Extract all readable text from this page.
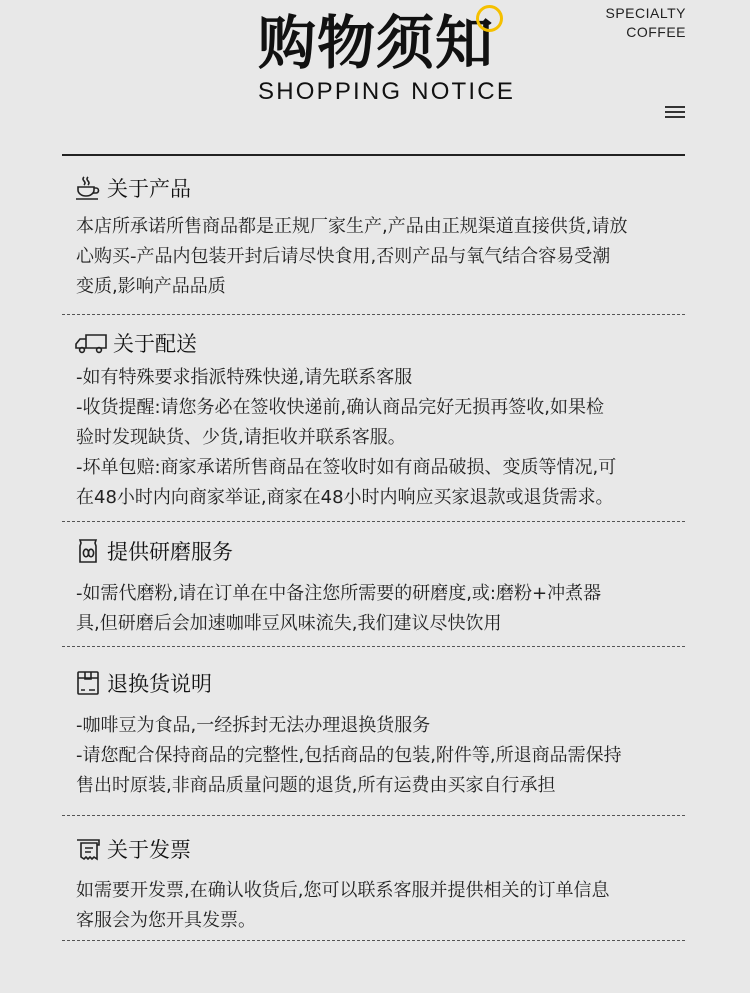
购物须知
SHOPPING NOTICE
SPECIALTY
COFFEE
关于产品

本店所承诺所售商品都是正规厂家生产,产品由正规渠道直接供货,请放

心购买-产品内包装开封后请尽快食用,否则产品与氧气结合容易受潮

变质,影响产品品质

关于配送

-如有特殊要求指派特殊快递,请先联系客服

-收货提醒:请您务必在签收快递前,确认商品完好无损再签收,如果检

验时发现缺货、少货,请拒收并联系客服。

-坏单包赔:商家承诺所售商品在签收时如有商品破损、变质等情况,可

在48小时内向商家举证,商家在48小时内响应买家退款或退货需求。

提供研磨服务

-如需代磨粉,请在订单在中备注您所需要的研磨度,或:磨粉+冲煮器

具,但研磨后会加速咖啡豆风味流失,我们建议尽快饮用

退换货说明

-咖啡豆为食品,一经拆封无法办理退换货服务

-请您配合保持商品的完整性,包括商品的包装,附件等,所退商品需保持

售出时原装,非商品质量问题的退货,所有运费由买家自行承担

关于发票

如需要开发票,在确认收货后,您可以联系客服并提供相关的订单信息

客服会为您开具发票。
